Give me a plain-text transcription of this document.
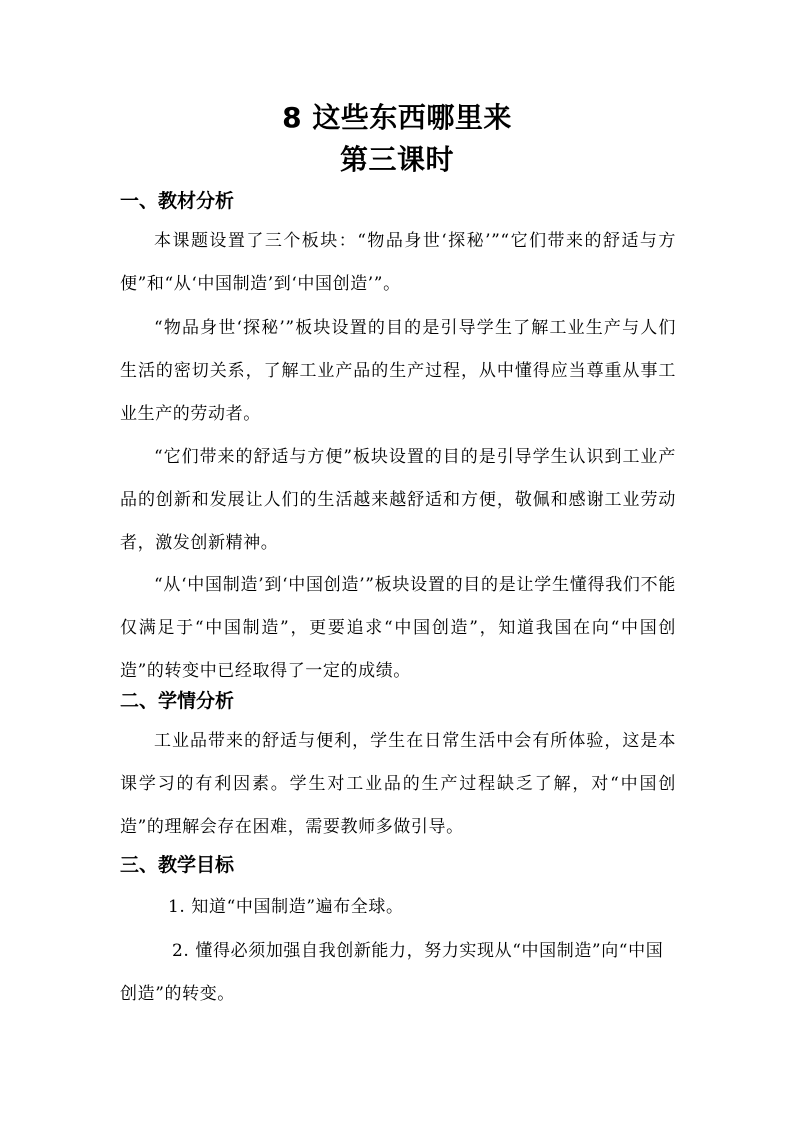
8 这些东西哪里来
第三课时
一、教材分析
本课题设置了三个板块：“物品身世‘探秘’”“它们带来的舒适与方便”和“从‘中国制造’到‘中国创造’”。
“物品身世‘探秘’”板块设置的目的是引导学生了解工业生产与人们生活的密切关系，了解工业产品的生产过程，从中懂得应当尊重从事工业生产的劳动者。
“它们带来的舒适与方便”板块设置的目的是引导学生认识到工业产品的创新和发展让人们的生活越来越舒适和方便，敬佩和感谢工业劳动者，激发创新精神。
“从‘中国制造’到‘中国创造’”板块设置的目的是让学生懂得我们不能仅满足于“中国制造”，更要追求“中国创造”，知道我国在向“中国创造”的转变中已经取得了一定的成绩。
二、学情分析
工业品带来的舒适与便利，学生在日常生活中会有所体验，这是本课学习的有利因素。学生对工业品的生产过程缺乏了解，对“中国创造”的理解会存在困难，需要教师多做引导。
三、教学目标
1. 知道“中国制造”遍布全球。
2. 懂得必须加强自我创新能力，努力实现从“中国制造”向“中国创造”的转变。
